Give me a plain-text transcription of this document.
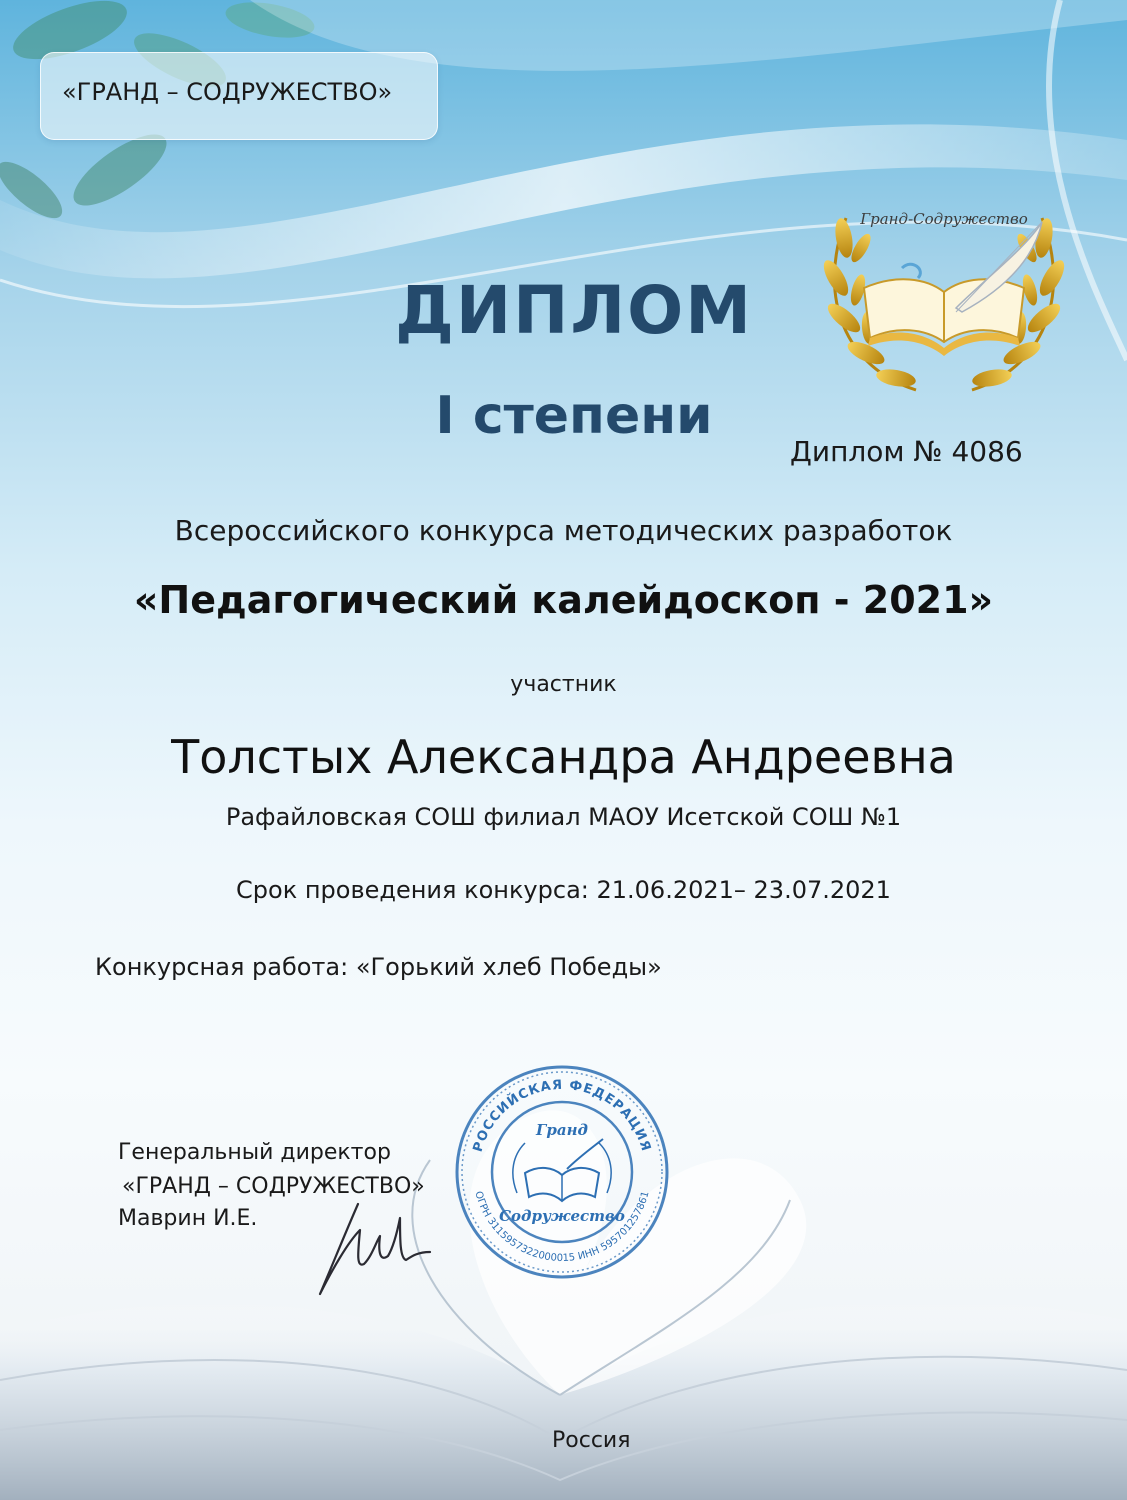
«ГРАНД – СОДРУЖЕСТВО»
Гранд-Содружество
ДИПЛОМ
I степени
Диплом № 4086
Всероссийского конкурса методических разработок
«Педагогический калейдоскоп - 2021»
участник
Толстых Александра Андреевна
Рафайловская СОШ филиал МАОУ Исетской СОШ №1
Срок проведения конкурса: 21.06.2021– 23.07.2021
Конкурсная работа: «Горький хлеб Победы»
Генеральный директор
«ГРАНД – СОДРУЖЕСТВО»
Маврин И.Е.
РОССИЙСКАЯ ФЕДЕРАЦИЯ
ОГРН 3115957322000015 ИНН 595701257861
Гранд
Содружество
Россия
